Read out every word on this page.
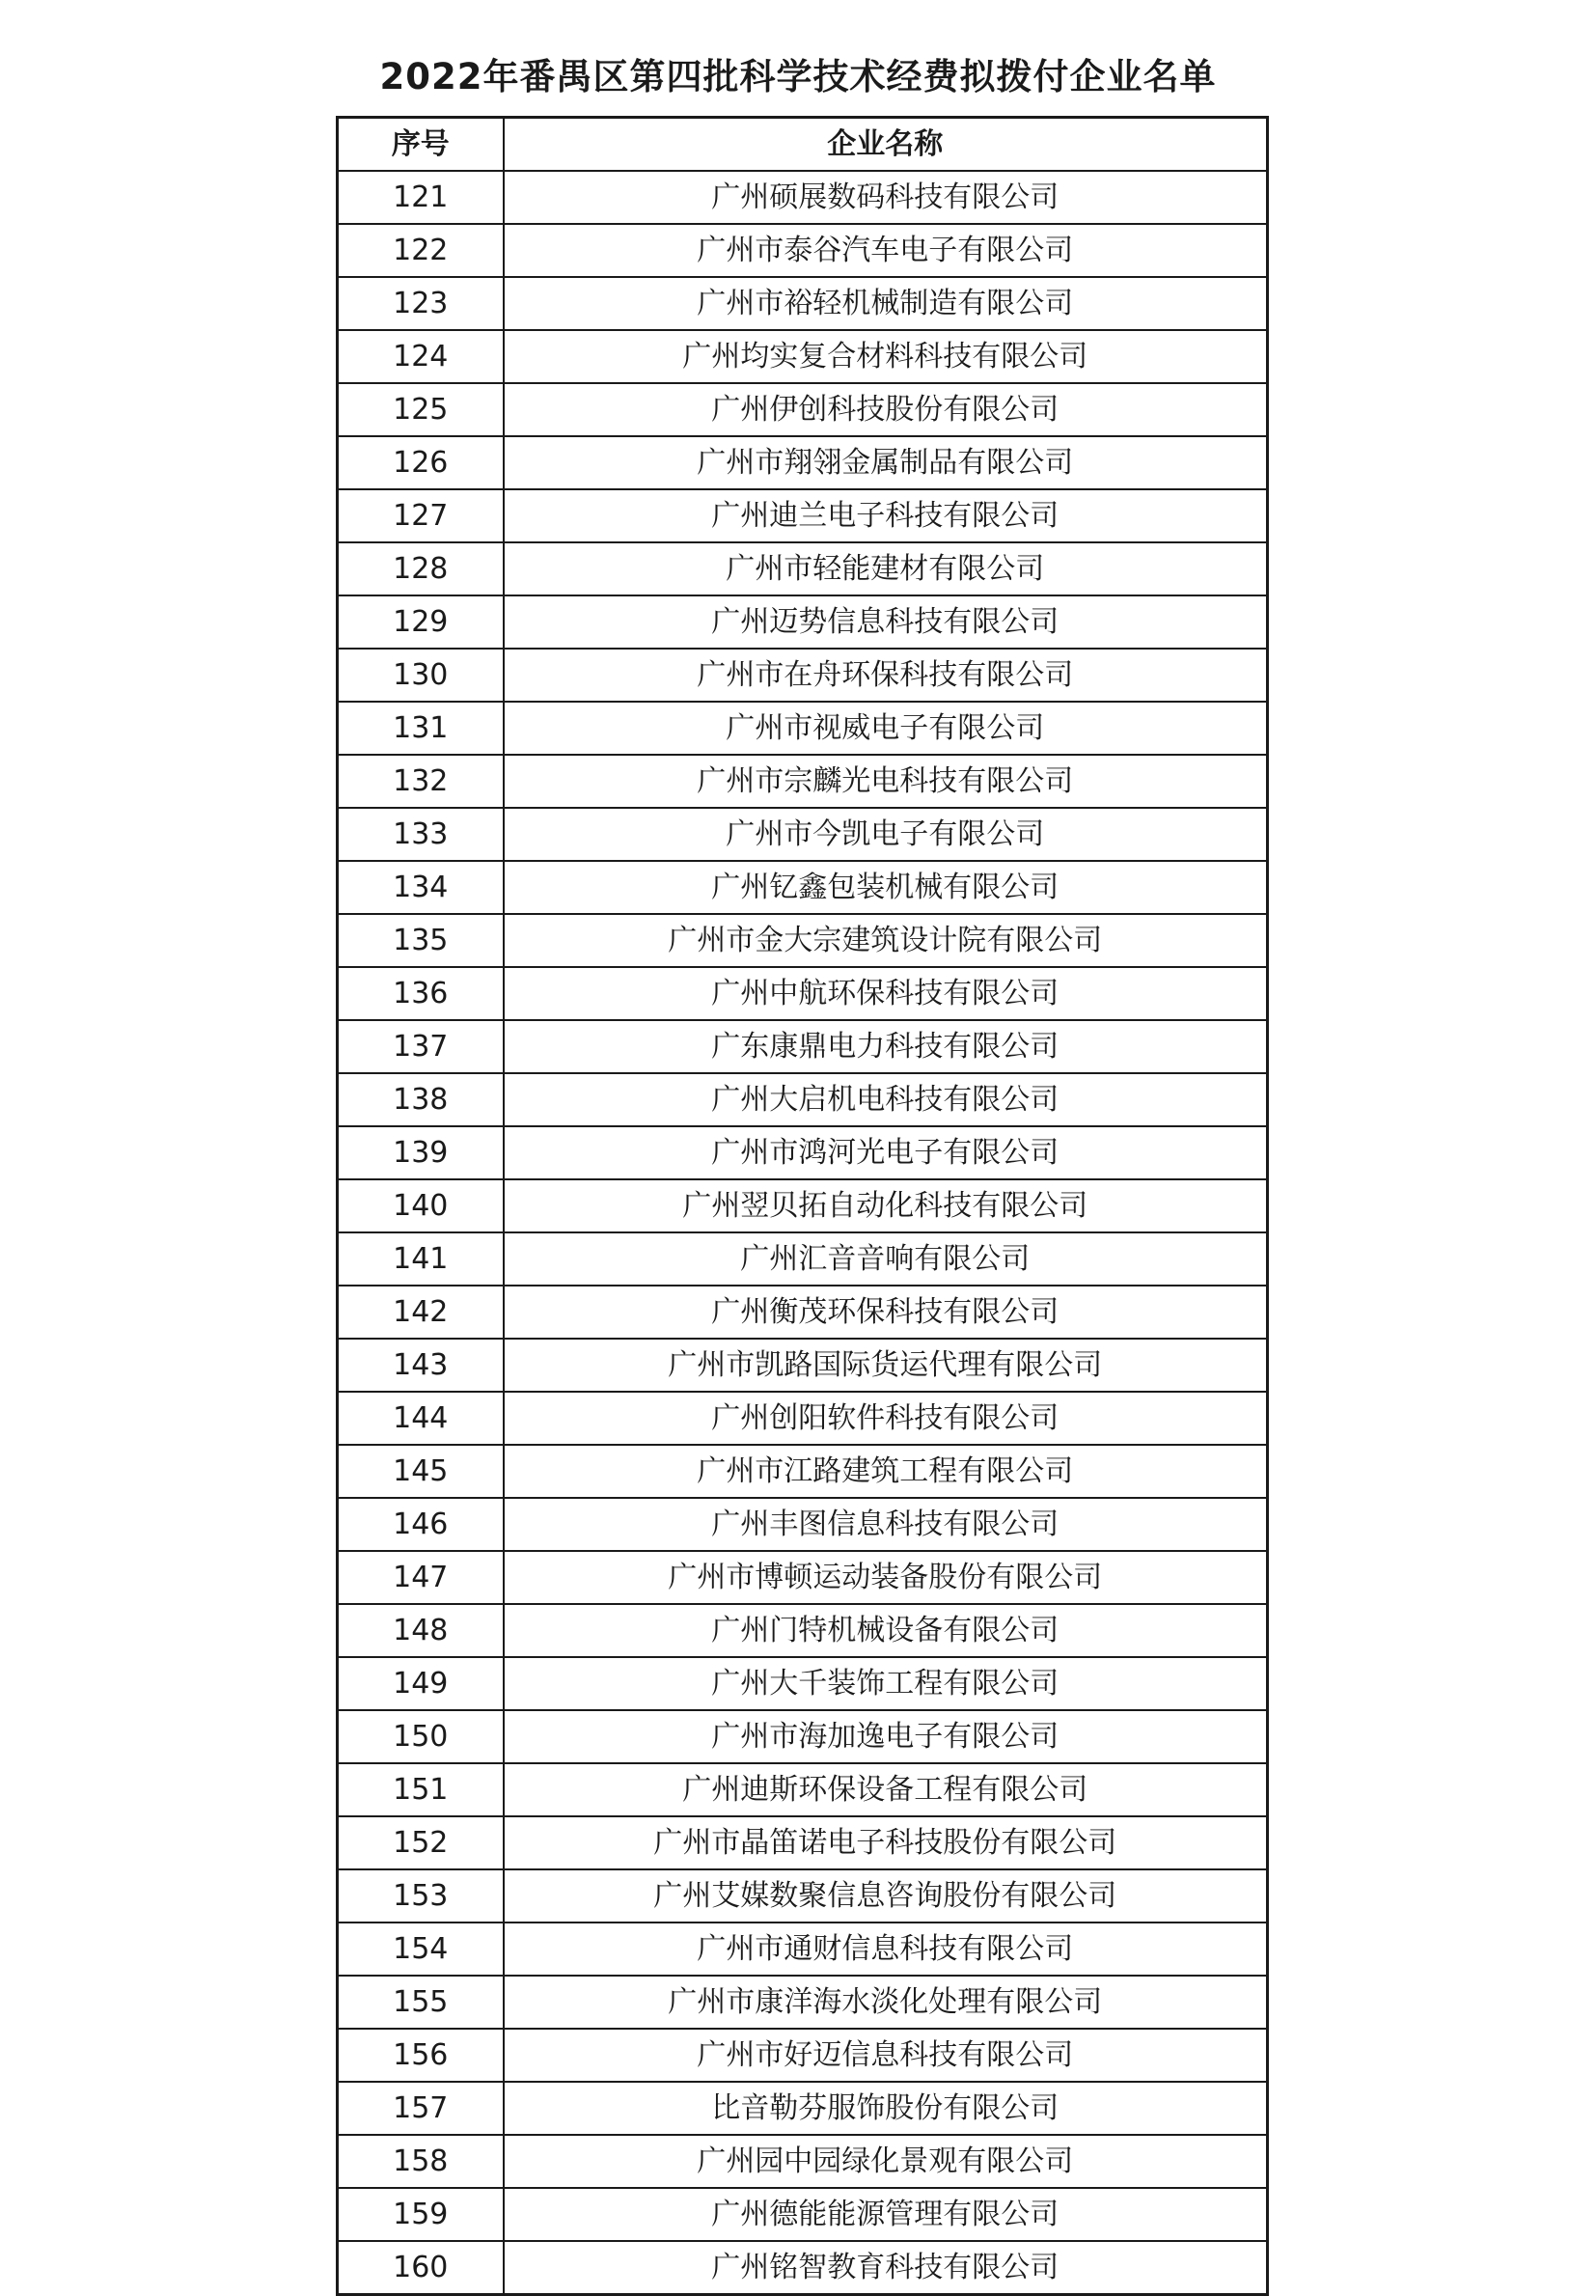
2022年番禺区第四批科学技术经费拟拨付企业名单
序号	企业名称
121	广州硕展数码科技有限公司
122	广州市泰谷汽车电子有限公司
123	广州市裕轻机械制造有限公司
124	广州均实复合材料科技有限公司
125	广州伊创科技股份有限公司
126	广州市翔翎金属制品有限公司
127	广州迪兰电子科技有限公司
128	广州市轻能建材有限公司
129	广州迈势信息科技有限公司
130	广州市在舟环保科技有限公司
131	广州市视威电子有限公司
132	广州市宗麟光电科技有限公司
133	广州市今凯电子有限公司
134	广州钇鑫包装机械有限公司
135	广州市金大宗建筑设计院有限公司
136	广州中航环保科技有限公司
137	广东康鼎电力科技有限公司
138	广州大启机电科技有限公司
139	广州市鸿河光电子有限公司
140	广州翌贝拓自动化科技有限公司
141	广州汇音音响有限公司
142	广州衡茂环保科技有限公司
143	广州市凯路国际货运代理有限公司
144	广州创阳软件科技有限公司
145	广州市江路建筑工程有限公司
146	广州丰图信息科技有限公司
147	广州市博顿运动装备股份有限公司
148	广州门特机械设备有限公司
149	广州大千装饰工程有限公司
150	广州市海加逸电子有限公司
151	广州迪斯环保设备工程有限公司
152	广州市晶笛诺电子科技股份有限公司
153	广州艾媒数聚信息咨询股份有限公司
154	广州市通财信息科技有限公司
155	广州市康洋海水淡化处理有限公司
156	广州市好迈信息科技有限公司
157	比音勒芬服饰股份有限公司
158	广州园中园绿化景观有限公司
159	广州德能能源管理有限公司
160	广州铭智教育科技有限公司
